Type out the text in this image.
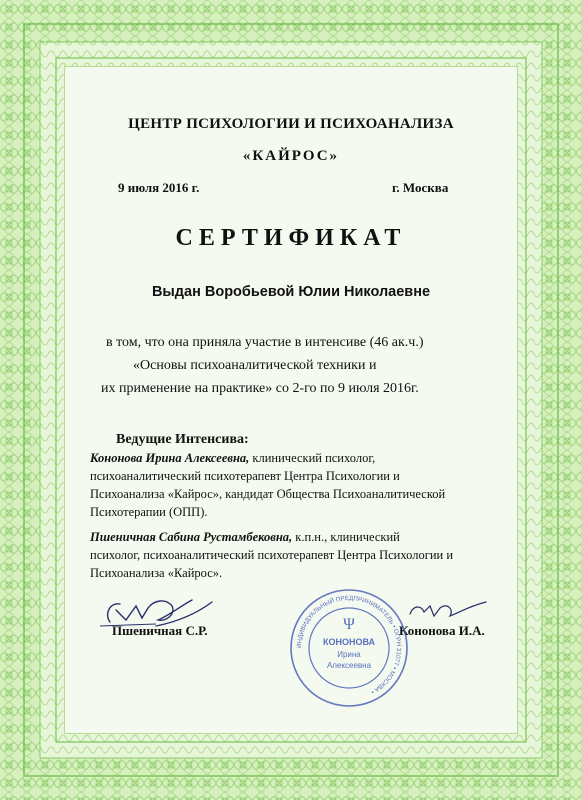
ЦЕНТР ПСИХОЛОГИИ И ПСИХОАНАЛИЗА
«КАЙРОС»
9 июля 2016 г.	г. Москва
СЕРТИФИКАТ
Выдан Воробьевой Юлии Николаевне
в том, что она приняла участие в интенсиве (46 ак.ч.)
«Основы психоаналитической техники и
их применение на практике» со 2-го по 9 июля 2016г.
Ведущие Интенсива:
Кононова Ирина Алексеевна, клинический психолог,
психоаналитический психотерапевт Центра Психологии и
Психоанализа «Кайрос», кандидат Общества Психоаналитической
Психотерапии (ОПП).
Пшеничная Сабина Рустамбековна, к.п.н., клинический
психолог, психоаналитический психотерапевт Центра Психологии и
Психоанализа «Кайрос».
Пшеничная С.Р.	Кононова И.А.
ИНДИВИДУАЛЬНЫЙ ПРЕДПРИНИМАТЕЛЬ • ОГРН 31077 • МОСКВА •
Ψ
КОНОНОВА
Ирина
Алексеевна
